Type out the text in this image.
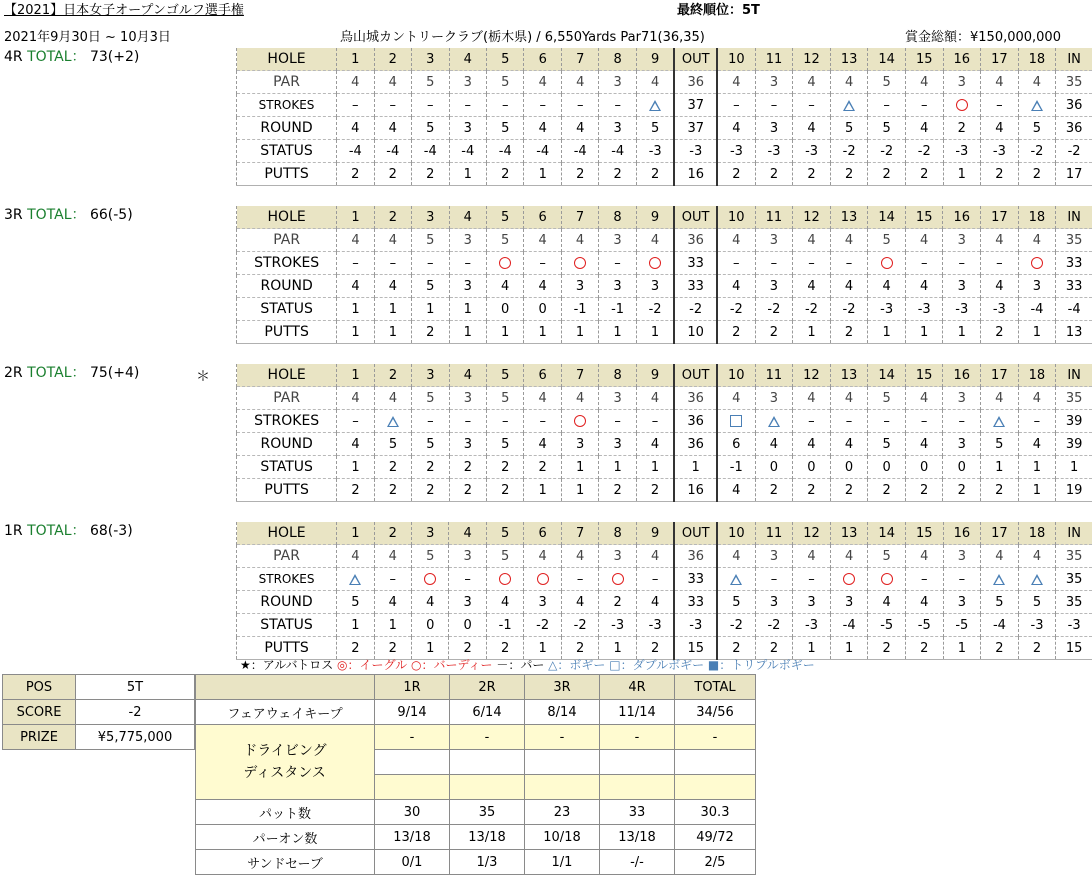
【2021】日本女子オープンゴルフ選手権	最終順位：5T
2021年9月30日 ~ 10月3日	烏山城カントリークラブ(栃木県) / 6,550Yards Par71(36,35)	賞金総額：¥150,000,000
4R TOTAL： 73(+2)	HOLE	1	2	3	4	5	6	7	8	9	OUT	10	11	12	13	14	15	16	17	18	IN
PAR	4	4	5	3	5	4	4	3	4	36	4	3	4	4	5	4	3	4	4	35
STROKES	–	–	–	–	–	–	–	–		37	–	–	–		–	–		–		36
ROUND	4	4	5	3	5	4	4	3	5	37	4	3	4	5	5	4	2	4	5	36
STATUS	-4	-4	-4	-4	-4	-4	-4	-4	-3	-3	-3	-3	-3	-2	-2	-2	-3	-3	-2	-2
PUTTS	2	2	2	1	2	1	2	2	2	16	2	2	2	2	2	2	1	2	2	17
3R TOTAL： 66(-5)	HOLE	1	2	3	4	5	6	7	8	9	OUT	10	11	12	13	14	15	16	17	18	IN
PAR	4	4	5	3	5	4	4	3	4	36	4	3	4	4	5	4	3	4	4	35
STROKES	–	–	–	–		–		–		33	–	–	–	–		–	–	–		33
ROUND	4	4	5	3	4	4	3	3	3	33	4	3	4	4	4	4	3	4	3	33
STATUS	1	1	1	1	0	0	-1	-1	-2	-2	-2	-2	-2	-2	-3	-3	-3	-3	-4	-4
PUTTS	1	1	2	1	1	1	1	1	1	10	2	2	1	2	1	1	1	2	1	13
2R TOTAL： 75(+4)	＊	HOLE	1	2	3	4	5	6	7	8	9	OUT	10	11	12	13	14	15	16	17	18	IN
PAR	4	4	5	3	5	4	4	3	4	36	4	3	4	4	5	4	3	4	4	35
STROKES	–		–	–	–	–		–	–	36			–	–	–	–	–		–	39
ROUND	4	5	5	3	5	4	3	3	4	36	6	4	4	4	5	4	3	5	4	39
STATUS	1	2	2	2	2	2	1	1	1	1	-1	0	0	0	0	0	0	1	1	1
PUTTS	2	2	2	2	2	1	1	2	2	16	4	2	2	2	2	2	2	2	1	19
1R TOTAL： 68(-3)	HOLE	1	2	3	4	5	6	7	8	9	OUT	10	11	12	13	14	15	16	17	18	IN
PAR	4	4	5	3	5	4	4	3	4	36	4	3	4	4	5	4	3	4	4	35
STROKES		–		–			–		–	33		–	–			–	–			35
ROUND	5	4	4	3	4	3	4	2	4	33	5	3	3	3	4	4	3	5	5	35
STATUS	1	1	0	0	-1	-2	-2	-3	-3	-3	-2	-2	-3	-4	-5	-5	-5	-4	-3	-3
PUTTS	2	2	1	2	2	1	2	1	2	15	2	2	1	1	2	2	1	2	2	15
★：アルバトロス ◎：イーグル ○：バーディー －：パー △：ボギー □：ダブルボギー ■：トリプルボギー
POS	5T
SCORE	-2
PRIZE	¥5,775,000
	1R	2R	3R	4R	TOTAL
フェアウェイキープ	9/14	6/14	8/14	11/14	34/56
ドライビング
ディスタンス	-	-	-	-	-

パット数	30	35	23	33	30.3
パーオン数	13/18	13/18	10/18	13/18	49/72
サンドセーブ	0/1	1/3	1/1	-/-	2/5
